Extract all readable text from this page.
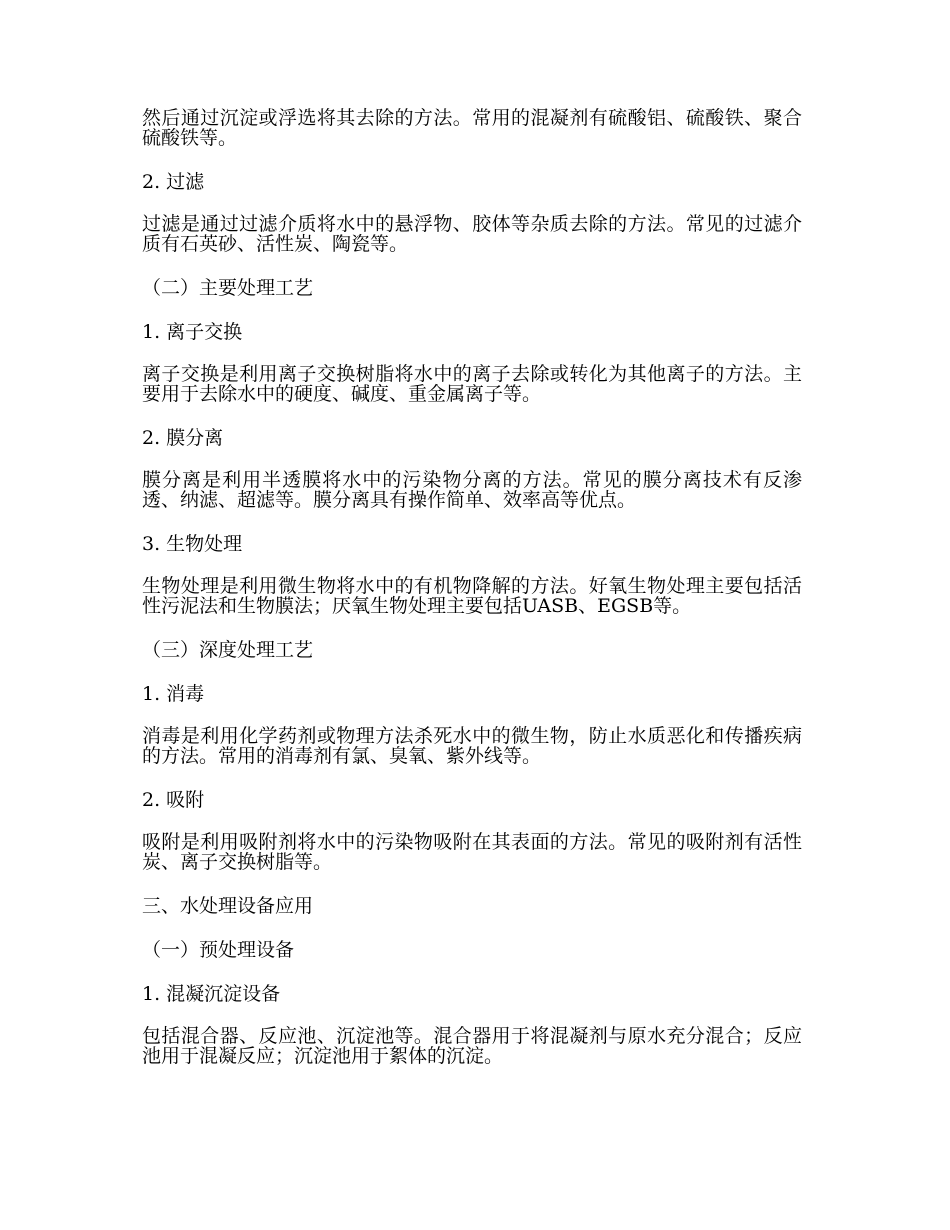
然后通过沉淀或浮选将其去除的方法。常用的混凝剂有硫酸铝、硫酸铁、聚合硫酸铁等。

2. 过滤

过滤是通过过滤介质将水中的悬浮物、胶体等杂质去除的方法。常见的过滤介质有石英砂、活性炭、陶瓷等。

（二）主要处理工艺

1. 离子交换

离子交换是利用离子交换树脂将水中的离子去除或转化为其他离子的方法。主要用于去除水中的硬度、碱度、重金属离子等。

2. 膜分离

膜分离是利用半透膜将水中的污染物分离的方法。常见的膜分离技术有反渗透、纳滤、超滤等。膜分离具有操作简单、效率高等优点。

3. 生物处理

生物处理是利用微生物将水中的有机物降解的方法。好氧生物处理主要包括活性污泥法和生物膜法；厌氧生物处理主要包括UASB、EGSB等。

（三）深度处理工艺

1. 消毒

消毒是利用化学药剂或物理方法杀死水中的微生物，防止水质恶化和传播疾病的方法。常用的消毒剂有氯、臭氧、紫外线等。

2. 吸附

吸附是利用吸附剂将水中的污染物吸附在其表面的方法。常见的吸附剂有活性炭、离子交换树脂等。

三、水处理设备应用

（一）预处理设备

1. 混凝沉淀设备

包括混合器、反应池、沉淀池等。混合器用于将混凝剂与原水充分混合；反应池用于混凝反应；沉淀池用于絮体的沉淀。
